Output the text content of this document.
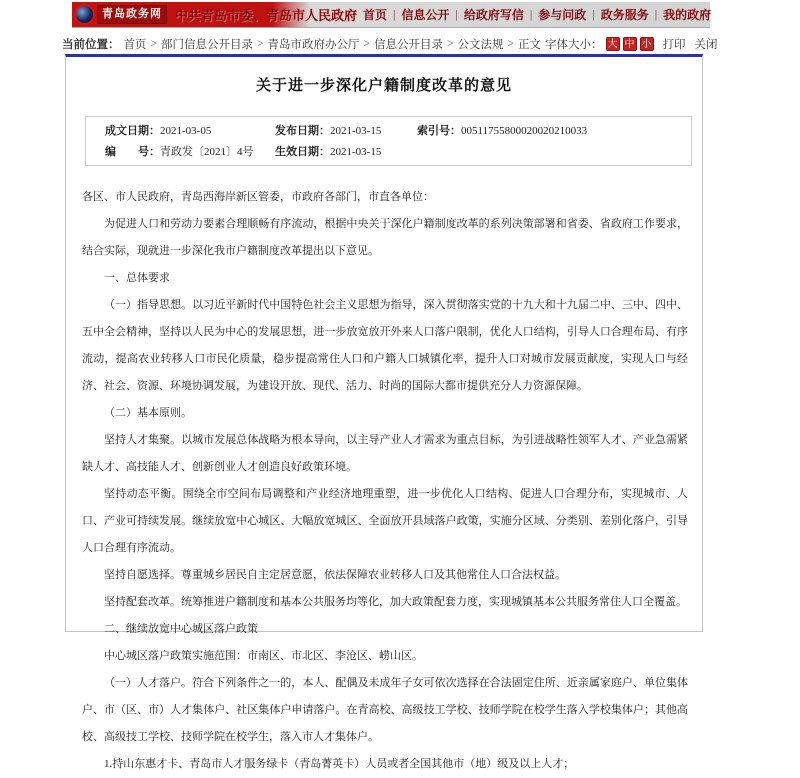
青岛政务网	中共青岛市委、青岛市人民政府 首页 | 信息公开 | 给政府写信 | 参与问政 | 政务服务 | 我的政府
当前位置： 首页 > 部门信息公开目录 > 青岛市政府办公厅 > 信息公开目录 > 公文法规 > 正文 字体大小： 大 中 小 打印 关闭
关于进一步深化户籍制度改革的意见
成文日期：2021-03-05	发布日期：2021-03-15	索引号：00511755800020020210033
编　　号：青政发〔2021〕4号	生效日期：2021-03-15

各区、市人民政府，青岛西海岸新区管委，市政府各部门，市直各单位：

为促进人口和劳动力要素合理顺畅有序流动，根据中央关于深化户籍制度改革的系列决策部署和省委、省政府工作要求，结合实际，现就进一步深化我市户籍制度改革提出以下意见。

一、总体要求

（一）指导思想。以习近平新时代中国特色社会主义思想为指导，深入贯彻落实党的十九大和十九届二中、三中、四中、五中全会精神，坚持以人民为中心的发展思想，进一步放宽放开外来人口落户限制，优化人口结构，引导人口合理布局、有序流动，提高农业转移人口市民化质量，稳步提高常住人口和户籍人口城镇化率，提升人口对城市发展贡献度，实现人口与经济、社会、资源、环境协调发展，为建设开放、现代、活力、时尚的国际大都市提供充分人力资源保障。

（二）基本原则。

坚持人才集聚。以城市发展总体战略为根本导向，以主导产业人才需求为重点目标，为引进战略性领军人才、产业急需紧缺人才、高技能人才、创新创业人才创造良好政策环境。

坚持动态平衡。围绕全市空间布局调整和产业经济地理重塑，进一步优化人口结构、促进人口合理分布，实现城市、人口、产业可持续发展。继续放宽中心城区、大幅放宽城区、全面放开县域落户政策，实施分区域、分类别、差别化落户，引导人口合理有序流动。

坚持自愿选择。尊重城乡居民自主定居意愿，依法保障农业转移人口及其他常住人口合法权益。

坚持配套改革。统筹推进户籍制度和基本公共服务均等化，加大政策配套力度，实现城镇基本公共服务常住人口全覆盖。

二、继续放宽中心城区落户政策

中心城区落户政策实施范围：市南区、市北区、李沧区、崂山区。

（一）人才落户。符合下列条件之一的，本人、配偶及未成年子女可依次选择在合法固定住所、近亲属家庭户、单位集体户、市（区、市）人才集体户、社区集体户申请落户。在青高校、高级技工学校、技师学院在校学生落入学校集体户；其他高校、高级技工学校、技师学院在校学生，落入市人才集体户。

1.持山东惠才卡、青岛市人才服务绿卡（青岛菁英卡）人员或者全国其他市（地）级及以上人才；
